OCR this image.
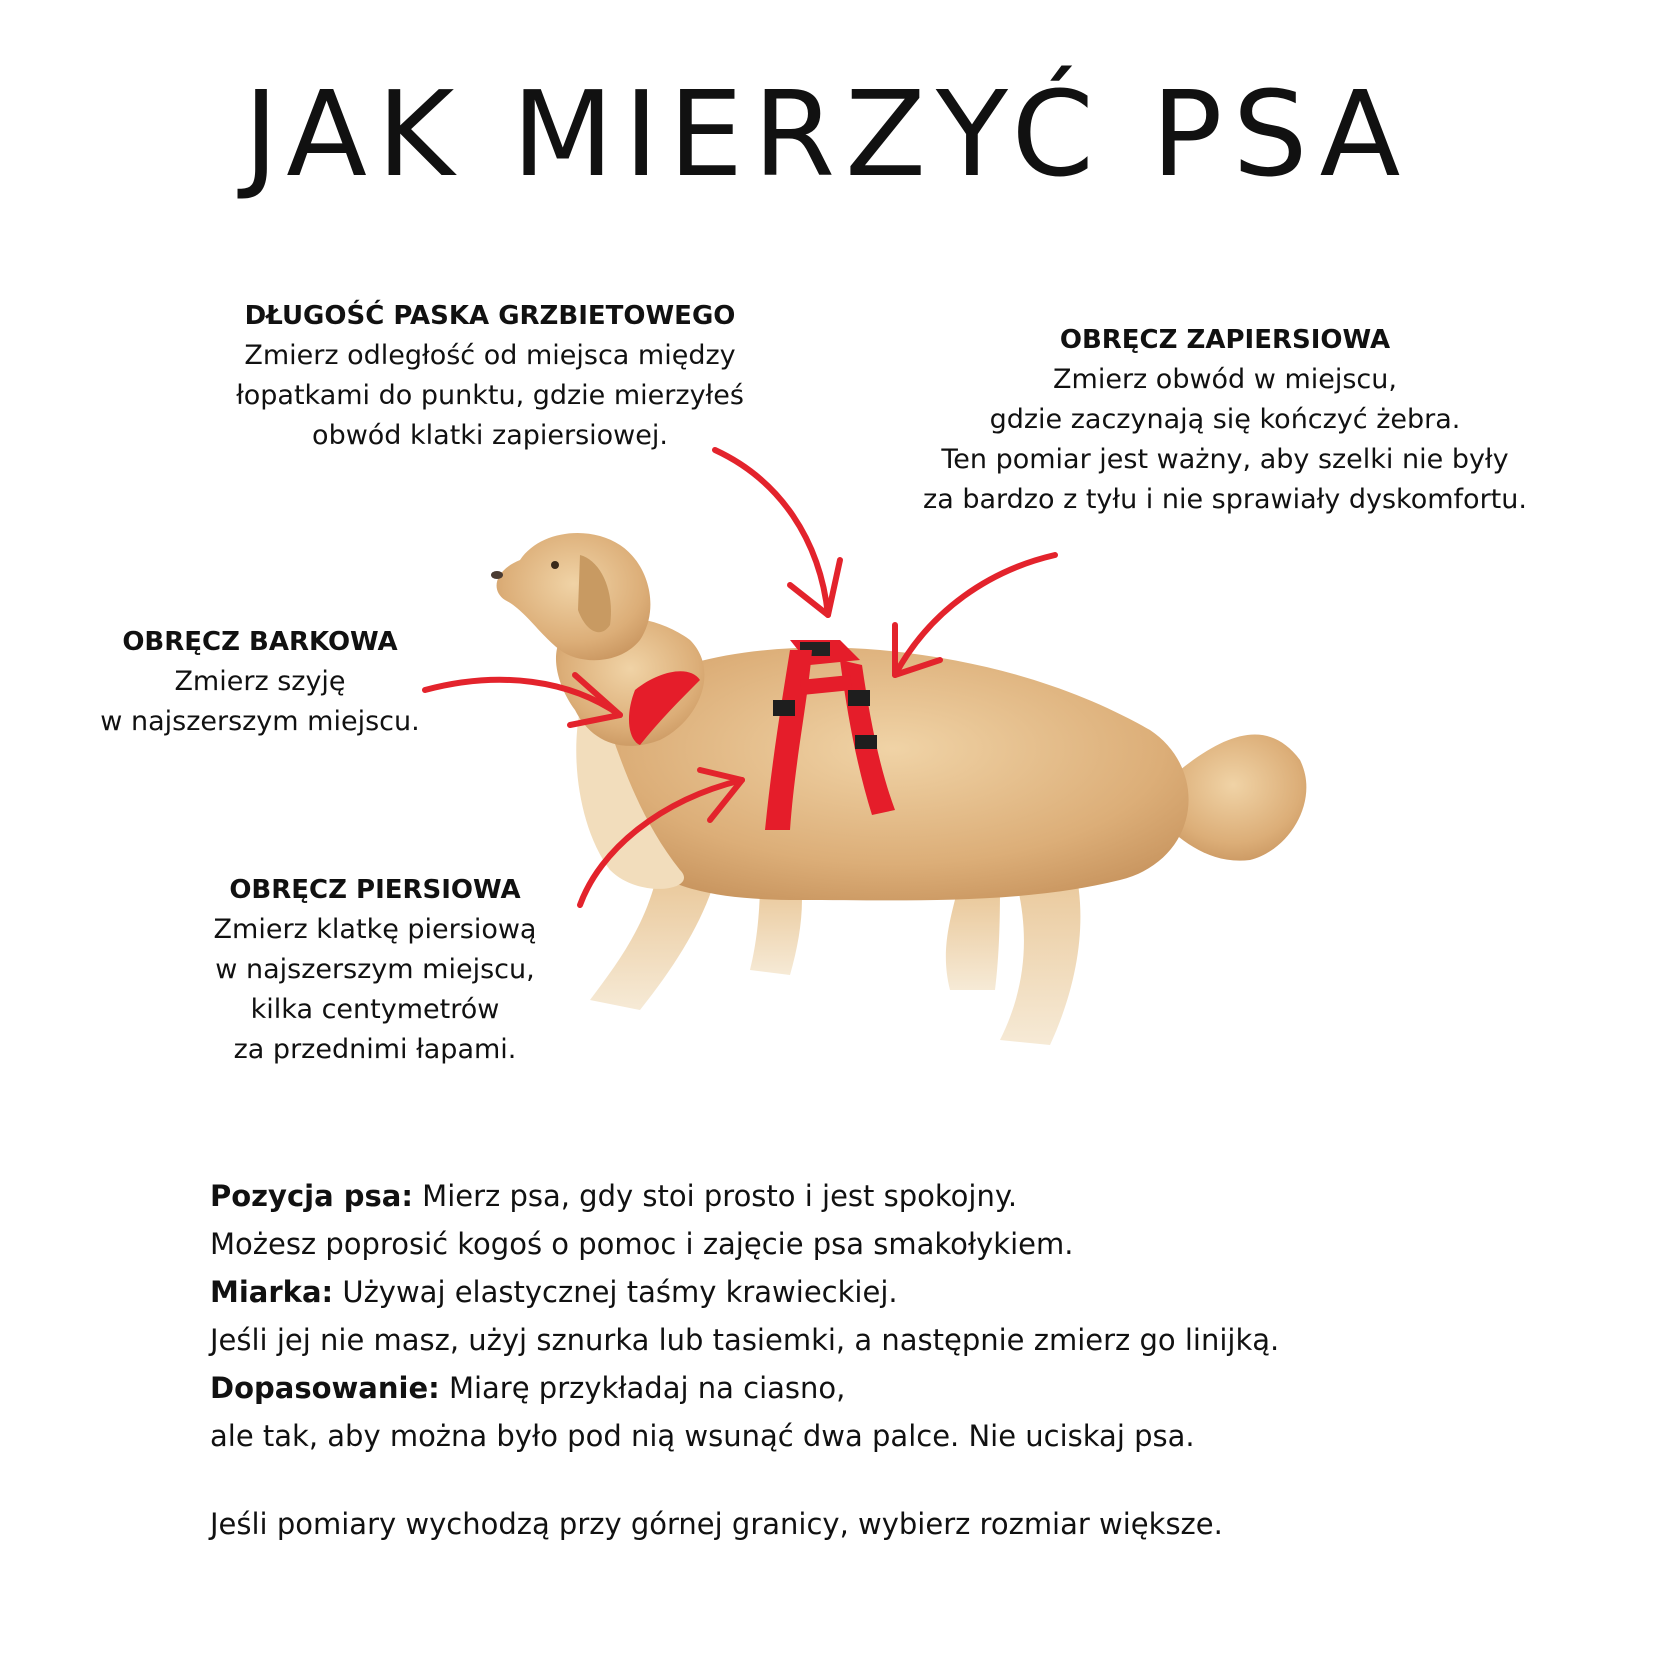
JAK MIERZYĆ PSA
DŁUGOŚĆ PASKA GRZBIETOWEGO
Zmierz odległość od miejsca między
łopatkami do punktu, gdzie mierzyłeś
obwód klatki zapiersiowej.
OBRĘCZ ZAPIERSIOWA
Zmierz obwód w miejscu,
gdzie zaczynają się kończyć żebra.
Ten pomiar jest ważny, aby szelki nie były
za bardzo z tyłu i nie sprawiały dyskomfortu.
OBRĘCZ BARKOWA
Zmierz szyję
w najszerszym miejscu.
OBRĘCZ PIERSIOWA
Zmierz klatkę piersiową
w najszerszym miejscu,
kilka centymetrów
za przednimi łapami.
Pozycja psa: Mierz psa, gdy stoi prosto i jest spokojny.
Możesz poprosić kogoś o pomoc i zajęcie psa smakołykiem.
Miarka: Używaj elastycznej taśmy krawieckiej.
Jeśli jej nie masz, użyj sznurka lub tasiemki, a następnie zmierz go linijką.
Dopasowanie: Miarę przykładaj na ciasno,
ale tak, aby można było pod nią wsunąć dwa palce. Nie uciskaj psa.
Jeśli pomiary wychodzą przy górnej granicy, wybierz rozmiar większe.
